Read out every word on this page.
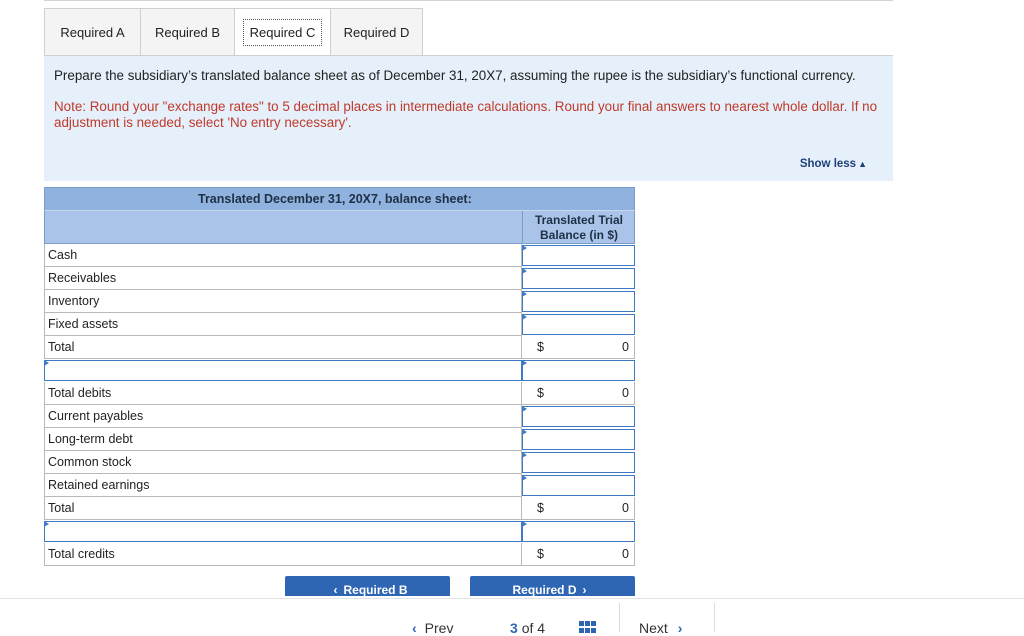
Required A Required B Required C Required D
Prepare the subsidiary’s translated balance sheet as of December 31, 20X7, assuming the rupee is the subsidiary’s functional currency.
Note: Round your "exchange rates" to 5 decimal places in intermediate calculations. Round your final answers to nearest whole dollar. If no adjustment is needed, select 'No entry necessary'.
Show less ▲
Translated December 31, 20X7, balance sheet:
Translated Trial
Balance (in $)
Cash
Receivables
Inventory
Fixed assets
Total	$	0
Total debits	$	0
Current payables
Long-term debt
Common stock
Retained earnings
Total	$	0
Total credits	$	0
‹ Required B	Required D ›
‹ Prev	3 of 4	Next ›
